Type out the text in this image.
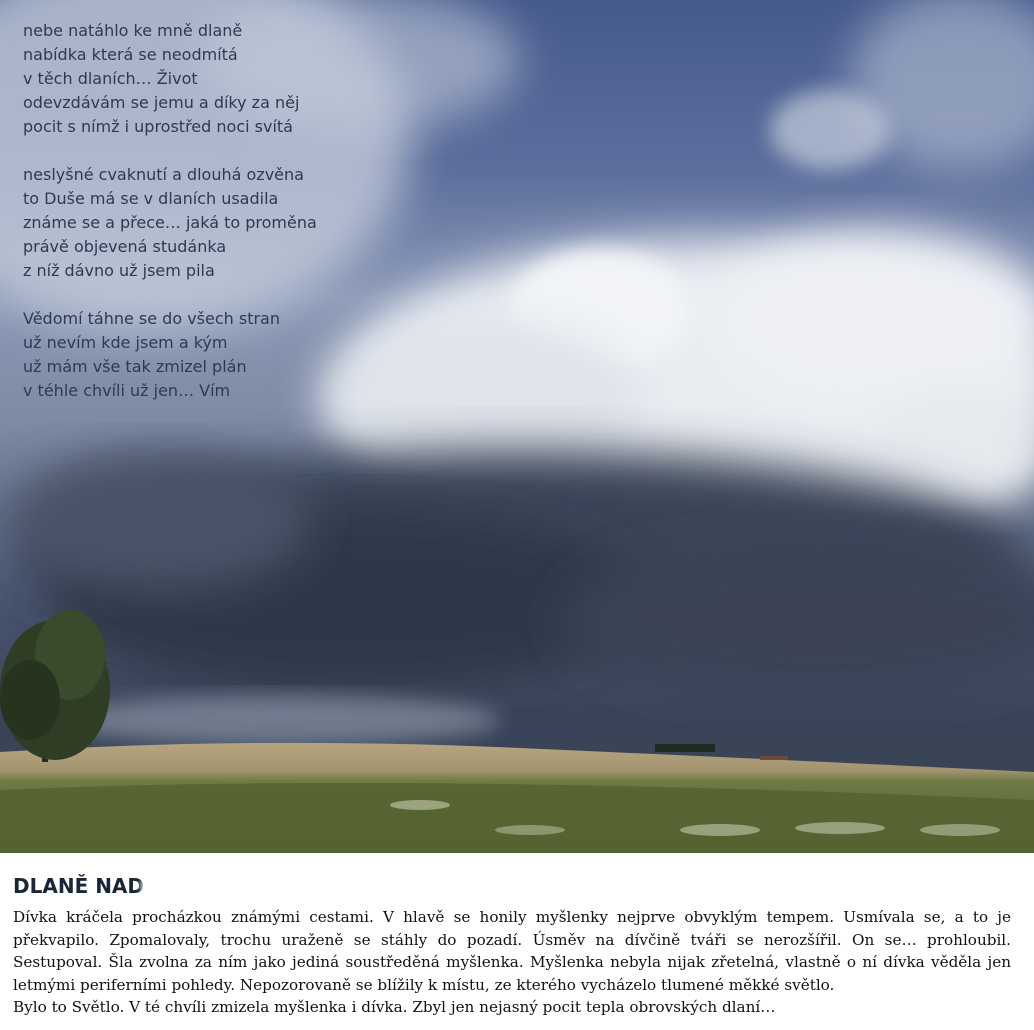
nebe natáhlo ke mně dlaně
nabídka která se neodmítá
v těch dlaních… Život
odevzdávám se jemu a díky za něj
pocit s nímž i uprostřed noci svítá

neslyšné cvaknutí a dlouhá ozvěna
to Duše má se v dlaních usadila
známe se a přece… jaká to proměna
právě objevená studánka
z níž dávno už jsem pila

Vědomí táhne se do všech stran
už nevím kde jsem a kým
už mám vše tak zmizel plán
v téhle chvíli už jen… Vím

DLANĚ NAD

Dívka kráčela procházkou známými cestami. V hlavě se honily myšlenky nejprve obvyklým tempem. Usmívala se, a to je překvapilo. Zpomalovaly, trochu uraženě se stáhly do pozadí. Úsměv na dívčině tváři se nerozšířil. On se… prohloubil. Sestupoval. Šla zvolna za ním jako jediná soustředěná myšlenka. Myšlenka nebyla nijak zřetelná, vlastně o ní dívka věděla jen letmými periferními pohledy. Nepozorovaně se blížily k místu, ze kterého vycházelo tlumené měkké světlo.

Bylo to Světlo. V té chvíli zmizela myšlenka i dívka. Zbyl jen nejasný pocit tepla obrovských dlaní…
